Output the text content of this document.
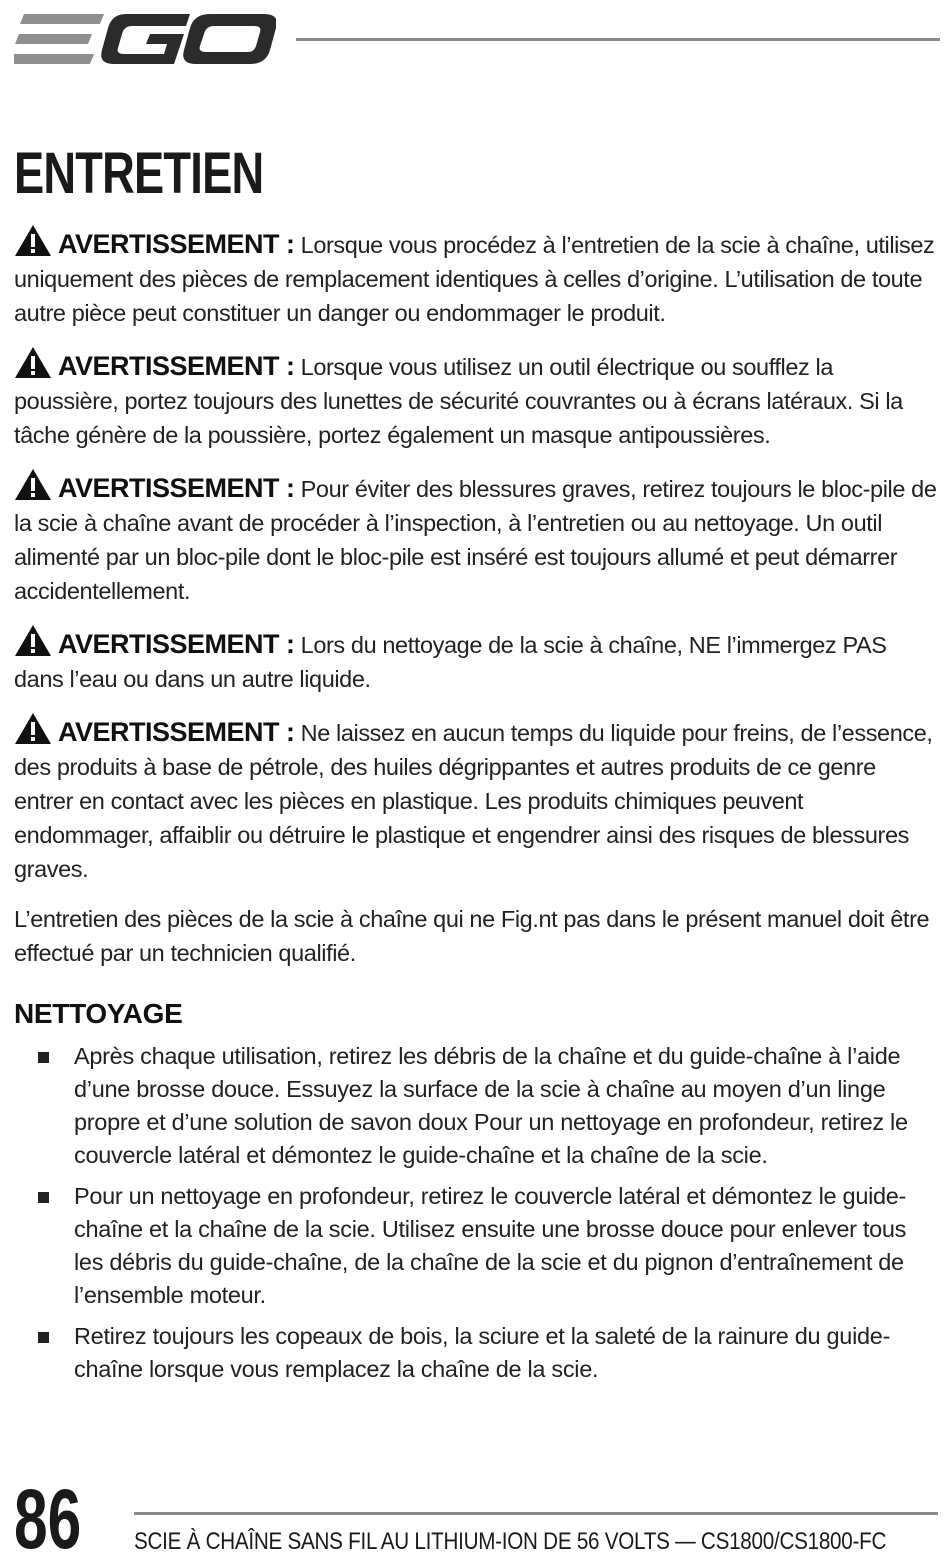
ENTRETIEN

AVERTISSEMENT : Lorsque vous procédez à l’entretien de la scie à chaîne, utilisez uniquement des pièces de remplacement identiques à celles d’origine. L’utilisation de toute autre pièce peut constituer un danger ou endommager le produit.

AVERTISSEMENT : Lorsque vous utilisez un outil électrique ou soufflez la poussière, portez toujours des lunettes de sécurité couvrantes ou à écrans latéraux. Si la tâche génère de la poussière, portez également un masque antipoussières.

AVERTISSEMENT : Pour éviter des blessures graves, retirez toujours le bloc-pile de la scie à chaîne avant de procéder à l’inspection, à l’entretien ou au nettoyage. Un outil alimenté par un bloc-pile dont le bloc-pile est inséré est toujours allumé et peut démarrer accidentellement.

AVERTISSEMENT : Lors du nettoyage de la scie à chaîne, NE l’immergez PAS dans l’eau ou dans un autre liquide.

AVERTISSEMENT : Ne laissez en aucun temps du liquide pour freins, de l’essence, des produits à base de pétrole, des huiles dégrippantes et autres produits de ce genre entrer en contact avec les pièces en plastique. Les produits chimiques peuvent endommager, affaiblir ou détruire le plastique et engendrer ainsi des risques de blessures graves.

L’entretien des pièces de la scie à chaîne qui ne Fig.nt pas dans le présent manuel doit être effectué par un technicien qualifié.

NETTOYAGE
Après chaque utilisation, retirez les débris de la chaîne et du guide-chaîne à l’aide d’une brosse douce. Essuyez la surface de la scie à chaîne au moyen d’un linge propre et d’une solution de savon doux Pour un nettoyage en profondeur, retirez le couvercle latéral et démontez le guide-chaîne et la chaîne de la scie.
Pour un nettoyage en profondeur, retirez le couvercle latéral et démontez le guide-chaîne et la chaîne de la scie. Utilisez ensuite une brosse douce pour enlever tous les débris du guide-chaîne, de la chaîne de la scie et du pignon d’entraînement de l’ensemble moteur.
Retirez toujours les copeaux de bois, la sciure et la saleté de la rainure du guide-chaîne lorsque vous remplacez la chaîne de la scie.
86 SCIE À CHAÎNE SANS FIL AU LITHIUM-ION DE 56 VOLTS — CS1800/CS1800-FC
